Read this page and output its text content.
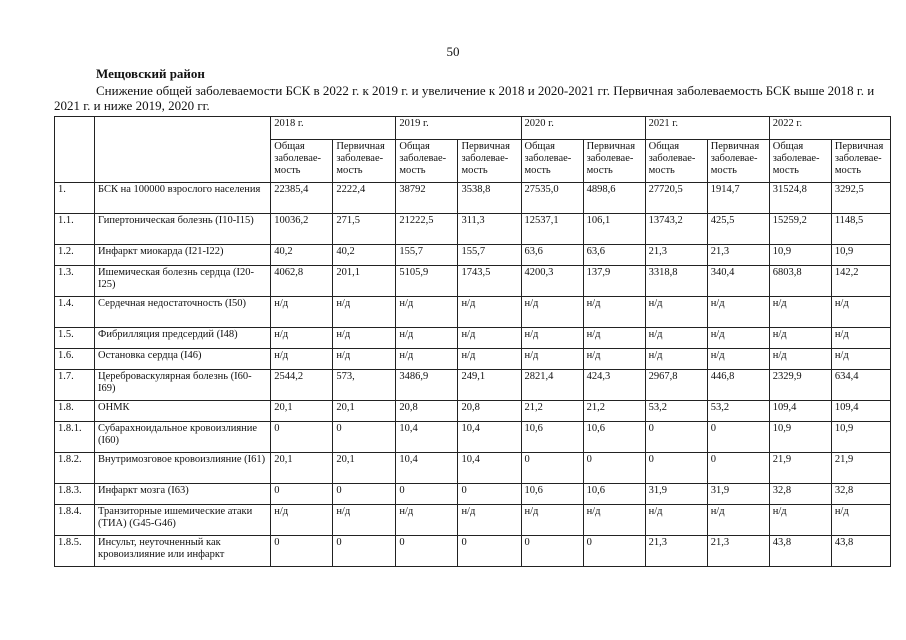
50
Мещовский район
Снижение общей заболеваемости БСК в 2022 г. к 2019 г. и увеличение к 2018 и 2020-2021 гг. Первичная заболеваемость БСК выше 2018 г. и 2021 г. и ниже 2019, 2020 гг.
		2018 г.		2019 г.		2020 г.		2021 г.		2022 г.	
		Общая заболевае-мость	Первичная заболевае-мость	Общая заболевае-мость	Первичная заболевае-мость	Общая заболевае-мость	Первичная заболевае-мость	Общая заболевае-мость	Первичная заболевае-мость	Общая заболевае-мость	Первичная заболевае-мость
1.	БСК на 100000 взрослого населения	22385,4	2222,4	38792	3538,8	27535,0	4898,6	27720,5	1914,7	31524,8	3292,5
1.1.	Гипертоническая болезнь (I10-I15)	10036,2	271,5	21222,5	311,3	12537,1	106,1	13743,2	425,5	15259,2	1148,5
1.2.	Инфаркт миокарда (I21-I22)	40,2	40,2	155,7	155,7	63,6	63,6	21,3	21,3	10,9	10,9
1.3.	Ишемическая болезнь сердца (I20-I25)	4062,8	201,1	5105,9	1743,5	4200,3	137,9	3318,8	340,4	6803,8	142,2
1.4.	Сердечная недостаточность (I50)	н/д	н/д	н/д	н/д	н/д	н/д	н/д	н/д	н/д	н/д
1.5.	Фибрилляция предсердий (I48)	н/д	н/д	н/д	н/д	н/д	н/д	н/д	н/д	н/д	н/д
1.6.	Остановка сердца (I46)	н/д	н/д	н/д	н/д	н/д	н/д	н/д	н/д	н/д	н/д
1.7.	Цереброваскулярная болезнь (I60-I69)	2544,2	573,	3486,9	249,1	2821,4	424,3	2967,8	446,8	2329,9	634,4
1.8.	ОНМК	20,1	20,1	20,8	20,8	21,2	21,2	53,2	53,2	109,4	109,4
1.8.1.	Субарахноидальное кровоизлияние (I60)	0	0	10,4	10,4	10,6	10,6	0	0	10,9	10,9
1.8.2.	Внутримозговое кровоизлияние (I61)	20,1	20,1	10,4	10,4	0	0	0	0	21,9	21,9
1.8.3.	Инфаркт мозга (I63)	0	0	0	0	10,6	10,6	31,9	31,9	32,8	32,8
1.8.4.	Транзиторные ишемические атаки (ТИА) (G45-G46)	н/д	н/д	н/д	н/д	н/д	н/д	н/д	н/д	н/д	н/д
1.8.5.	Инсульт, неуточненный как кровоизлияние или инфаркт	0	0	0	0	0	0	21,3	21,3	43,8	43,8
